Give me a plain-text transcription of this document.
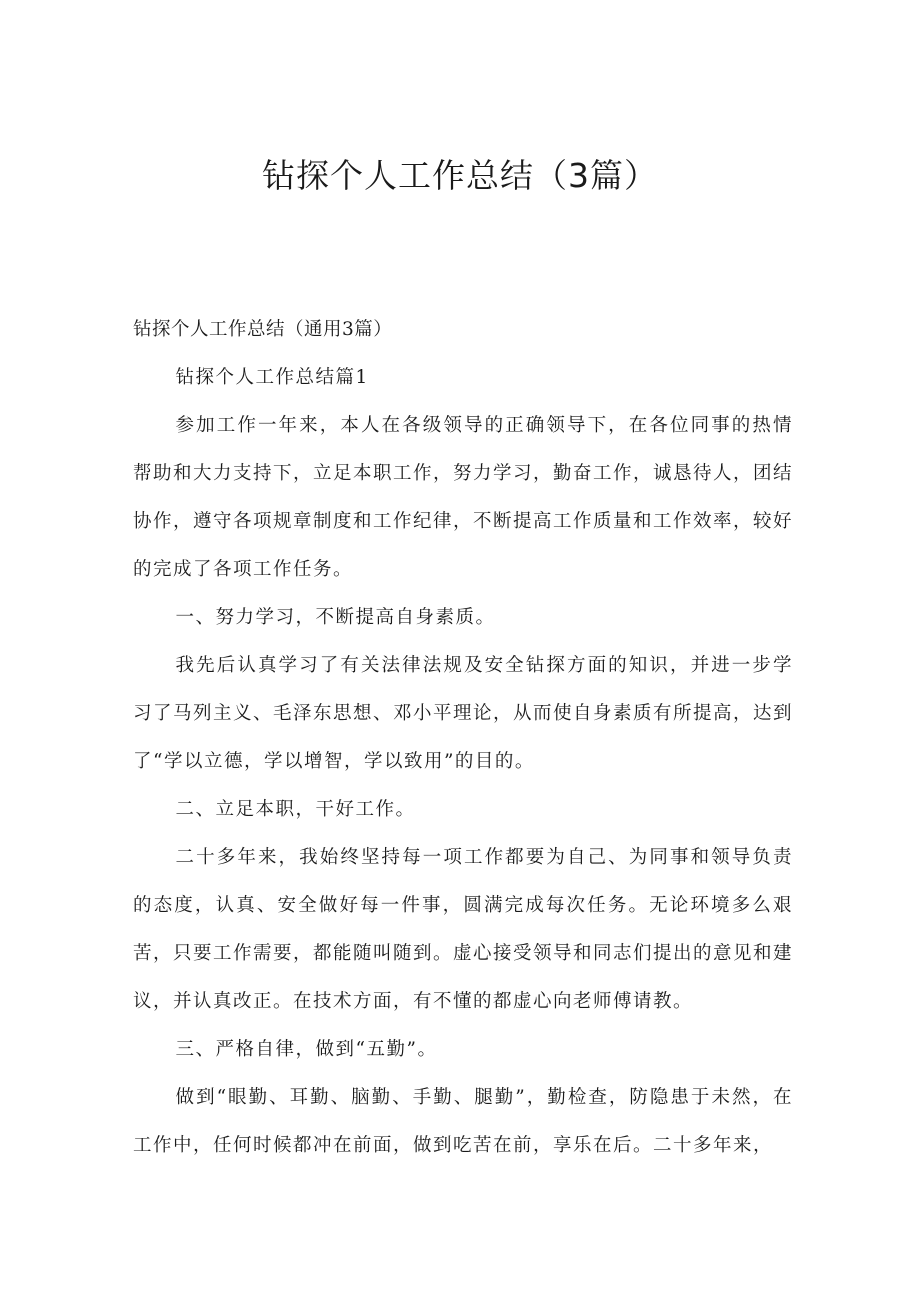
钻探个人工作总结（3篇）

钻探个人工作总结（通用3篇）

钻探个人工作总结篇1

参加工作一年来，本人在各级领导的正确领导下，在各位同事的热情帮助和大力支持下，立足本职工作，努力学习，勤奋工作，诚恳待人，团结协作，遵守各项规章制度和工作纪律，不断提高工作质量和工作效率，较好的完成了各项工作任务。

一、努力学习，不断提高自身素质。

我先后认真学习了有关法律法规及安全钻探方面的知识，并进一步学习了马列主义、毛泽东思想、邓小平理论，从而使自身素质有所提高，达到了“学以立德，学以增智，学以致用”的目的。

二、立足本职，干好工作。

二十多年来，我始终坚持每一项工作都要为自己、为同事和领导负责的态度，认真、安全做好每一件事，圆满完成每次任务。无论环境多么艰苦，只要工作需要，都能随叫随到。虚心接受领导和同志们提出的意见和建议，并认真改正。在技术方面，有不懂的都虚心向老师傅请教。

三、严格自律，做到“五勤”。

做到“眼勤、耳勤、脑勤、手勤、腿勤”，勤检查，防隐患于未然，在工作中，任何时候都冲在前面，做到吃苦在前，享乐在后。二十多年来，
